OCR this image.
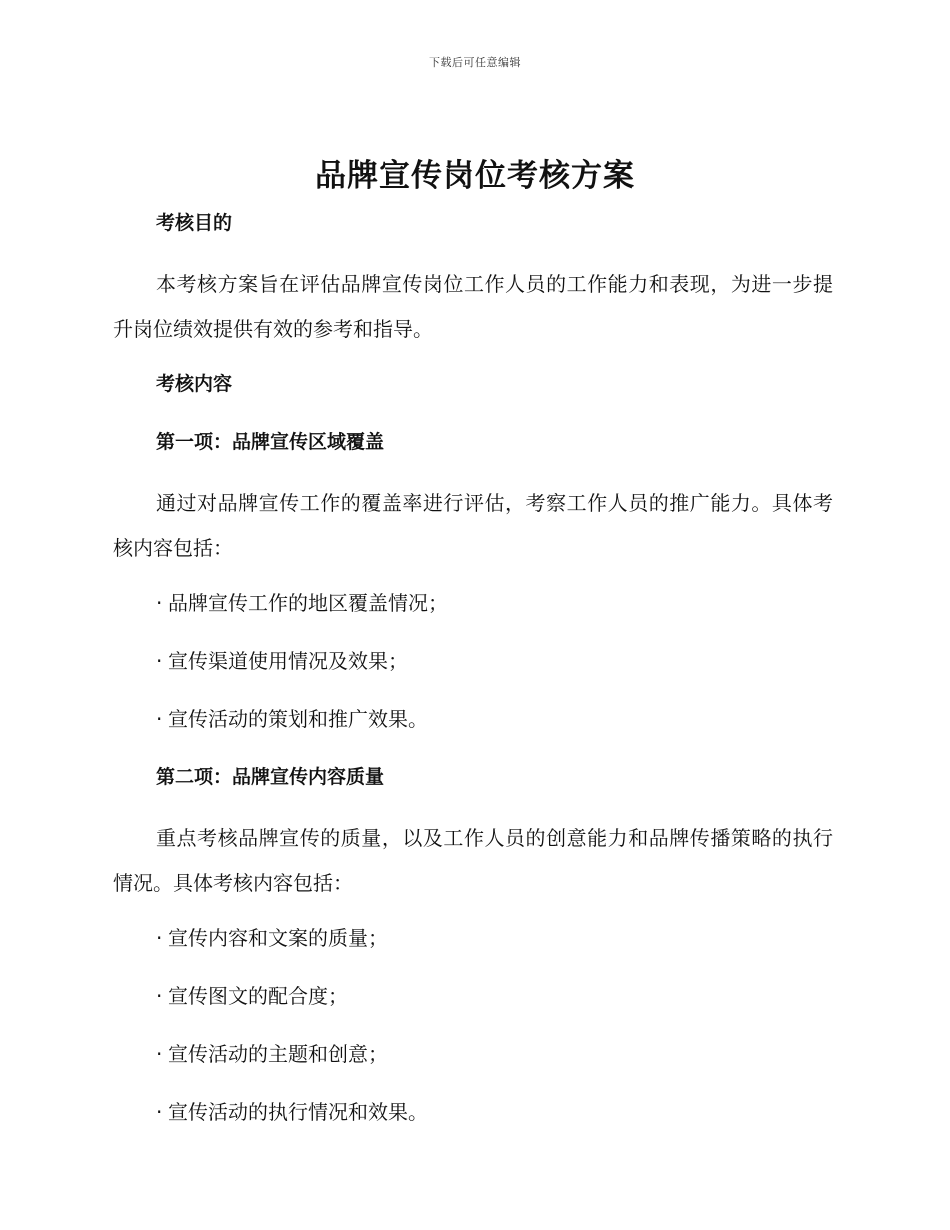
下载后可任意编辑
品牌宣传岗位考核方案
考核目的

本考核方案旨在评估品牌宣传岗位工作人员的工作能力和表现，为进一步提升岗位绩效提供有效的参考和指导。

考核内容
第一项：品牌宣传区域覆盖

通过对品牌宣传工作的覆盖率进行评估，考察工作人员的推广能力。具体考核内容包括：

· 品牌宣传工作的地区覆盖情况；
· 宣传渠道使用情况及效果；
· 宣传活动的策划和推广效果。
第二项：品牌宣传内容质量

重点考核品牌宣传的质量，以及工作人员的创意能力和品牌传播策略的执行情况。具体考核内容包括：

· 宣传内容和文案的质量；
· 宣传图文的配合度；
· 宣传活动的主题和创意；
· 宣传活动的执行情况和效果。
